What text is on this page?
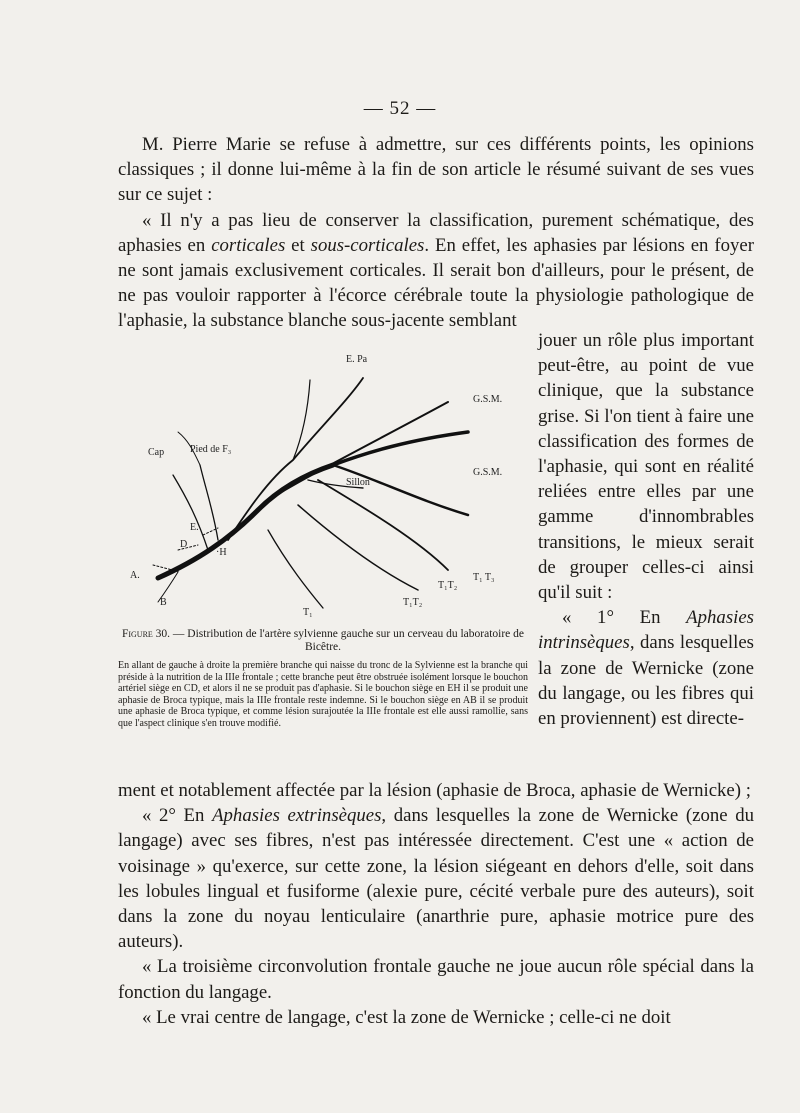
— 52 —

M. Pierre Marie se refuse à admettre, sur ces différents points, les opinions classiques ; il donne lui-même à la fin de son article le résumé suivant de ses vues sur ce sujet :

« Il n'y a pas lieu de conserver la classification, purement schématique, des aphasies en corticales et sous-corticales. En effet, les aphasies par lésions en foyer ne sont jamais exclusivement corticales. Il serait bon d'ailleurs, pour le présent, de ne pas vouloir rapporter à l'écorce cérébrale toute la physiologie pathologique de l'aphasie, la substance blanche sous-jacente semblant

jouer un rôle plus important peut-être, au point de vue clinique, que la substance grise. Si l'on tient à faire une classification des formes de l'aphasie, qui sont en réalité reliées entre elles par une gamme d'innombrables transitions, le mieux serait de grouper celles-ci ainsi qu'il suit :

« 1° En Aphasies intrinsèques, dans lesquelles la zone de Wernicke (zone du langage, ou les fibres qui en proviennent) est directe-

E. Pa
G.S.M.
G.S.M.
Cap	Pied de F₃
Sillon
E.
D
·H
A.
B
T₁
T₁T₂
T₁T₂
T₁ T₃
Figure 30. — Distribution de l'artère sylvienne gauche sur un cerveau du laboratoire de Bicêtre.
En allant de gauche à droite la première branche qui naisse du tronc de la Sylvienne est la branche qui préside à la nutrition de la IIIe frontale ; cette branche peut être obstruée isolément lorsque le bouchon artériel siège en CD, et alors il ne se produit pas d'aphasie. Si le bouchon siège en EH il se produit une aphasie de Broca typique, mais la IIIe frontale reste indemne. Si le bouchon siège en AB il se produit une aphasie de Broca typique, et comme lésion surajoutée la IIIe frontale est elle aussi ramollie, sans que l'aspect clinique s'en trouve modifié.

ment et notablement affectée par la lésion (aphasie de Broca, aphasie de Wernicke) ;

« 2° En Aphasies extrinsèques, dans lesquelles la zone de Wernicke (zone du langage) avec ses fibres, n'est pas intéressée directement. C'est une « action de voisinage » qu'exerce, sur cette zone, la lésion siégeant en dehors d'elle, soit dans les lobules lingual et fusiforme (alexie pure, cécité verbale pure des auteurs), soit dans la zone du noyau lenticulaire (anarthrie pure, aphasie motrice pure des auteurs).

« La troisième circonvolution frontale gauche ne joue aucun rôle spécial dans la fonction du langage.

« Le vrai centre de langage, c'est la zone de Wernicke ; celle-ci ne doit
